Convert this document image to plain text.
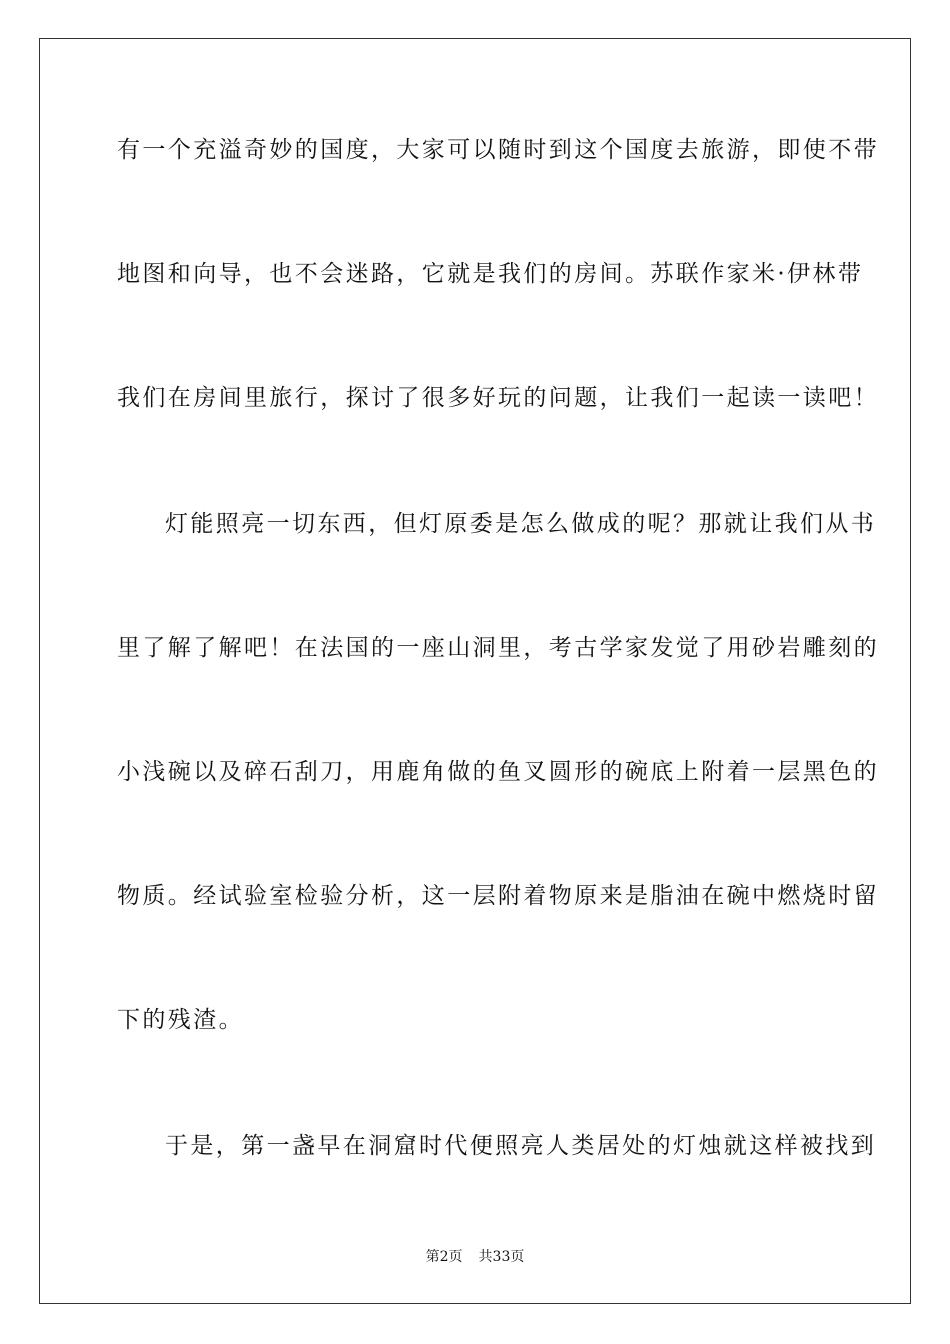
有一个充溢奇妙的国度，大家可以随时到这个国度去旅游，即使不带
地图和向导，也不会迷路，它就是我们的房间。苏联作家米·伊林带
我们在房间里旅行，探讨了很多好玩的问题，让我们一起读一读吧！
灯能照亮一切东西，但灯原委是怎么做成的呢？那就让我们从书
里了解了解吧！在法国的一座山洞里，考古学家发觉了用砂岩雕刻的
小浅碗以及碎石刮刀，用鹿角做的鱼叉圆形的碗底上附着一层黑色的
物质。经试验室检验分析，这一层附着物原来是脂油在碗中燃烧时留
下的残渣。
于是，第一盏早在洞窟时代便照亮人类居处的灯烛就这样被找到
第2页 共33页
